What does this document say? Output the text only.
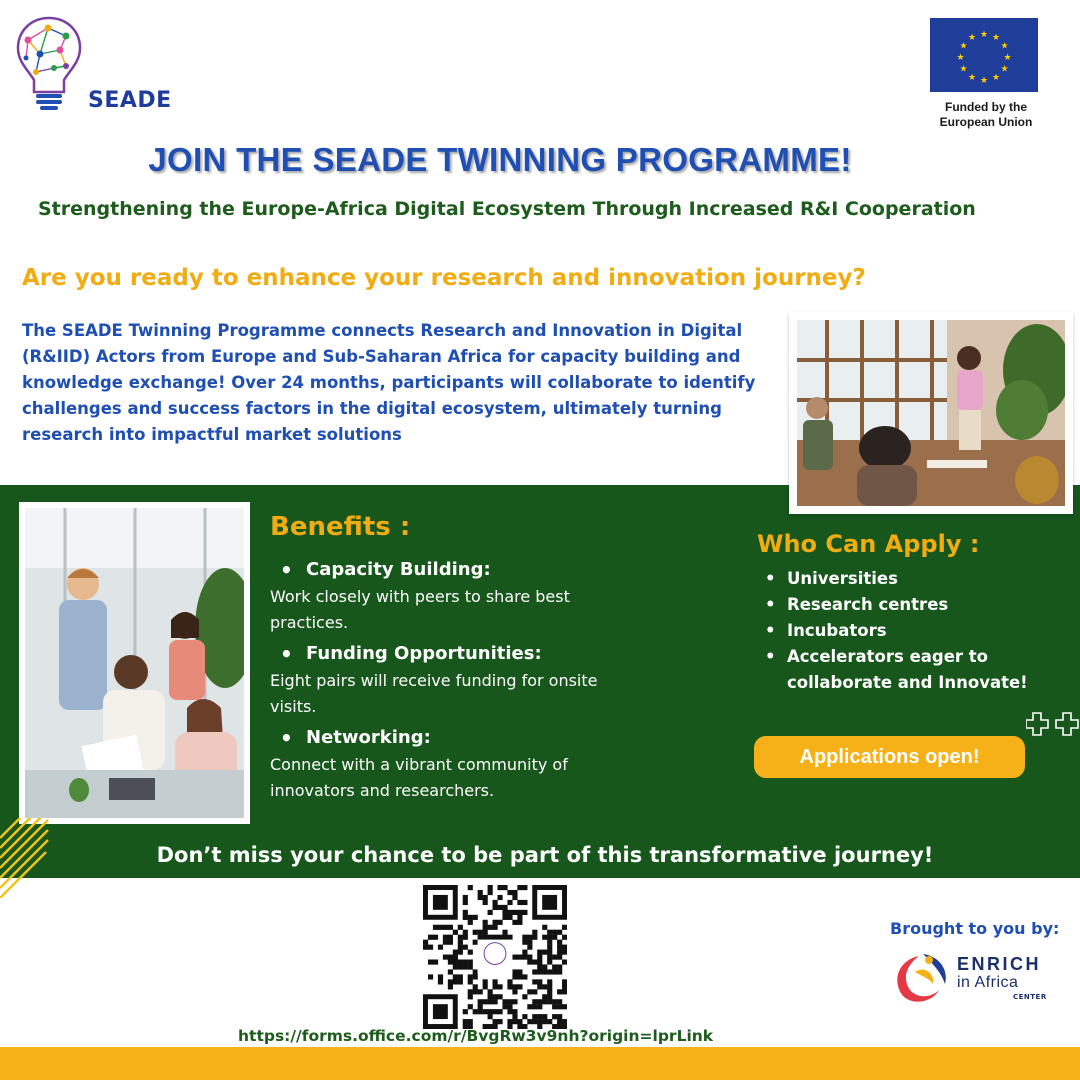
SEADE
★ ★
★
★
★
★
★
★
★
★
★
★
Funded by the
European Union
JOIN THE SEADE TWINNING PROGRAMME!
Strengthening the Europe-Africa Digital Ecosystem Through Increased R&I Cooperation
Are you ready to enhance your research and innovation journey?
The SEADE Twinning Programme connects Research and Innovation in Digital (R&IID) Actors from Europe and Sub-Saharan Africa for capacity building and knowledge exchange! Over 24 months, participants will collaborate to identify challenges and success factors in the digital ecosystem, ultimately turning research into impactful market solutions
Benefits :
• Capacity Building:
Work closely with peers to share best practices.
• Funding Opportunities:
Eight pairs will receive funding for onsite visits.
• Networking:
Connect with a vibrant community of innovators and researchers.
Who Can Apply :
• Universities
• Research centres
• Incubators
• Accelerators eager to collaborate and Innovate!
Applications open!
Don’t miss your chance to be part of this transformative journey!
https://forms.office.com/r/BvgRw3v9nh?origin=lprLink
Brought to you by:
ENRICH
in Africa
CENTER
